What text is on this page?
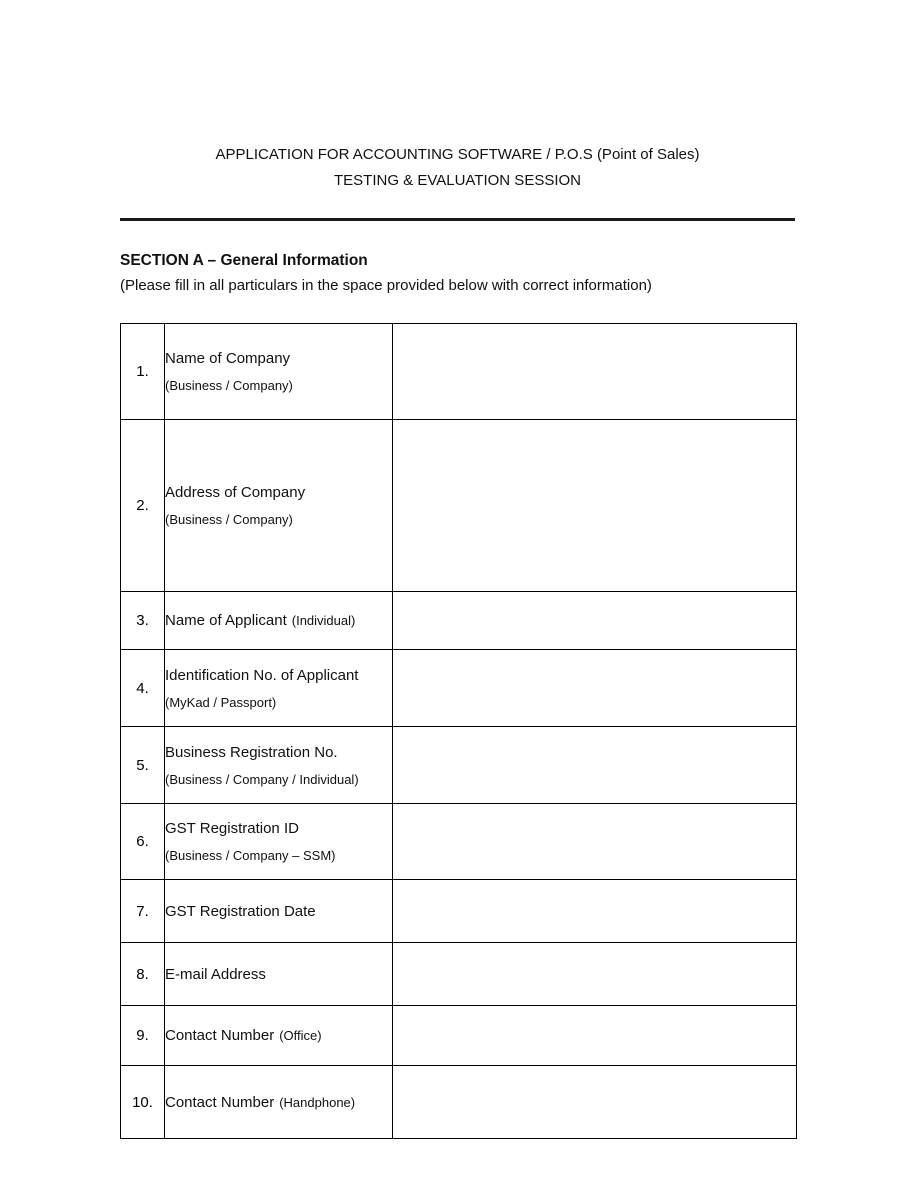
APPLICATION FOR ACCOUNTING SOFTWARE / P.O.S (Point of Sales)
TESTING & EVALUATION SESSION
SECTION A – General Information
(Please fill in all particulars in the space provided below with correct information)
1.	Name of Company
(Business / Company)	

2.	Address of Company
(Business / Company)	

3.	Name of Applicant (Individual)	

4.	Identification No. of Applicant
(MyKad / Passport)	

5.	Business Registration No.
(Business / Company / Individual)	

6.	GST Registration ID
(Business / Company – SSM)	

7.	GST Registration Date	

8.	E-mail Address	

9.	Contact Number (Office)	

10.	Contact Number (Handphone)	
